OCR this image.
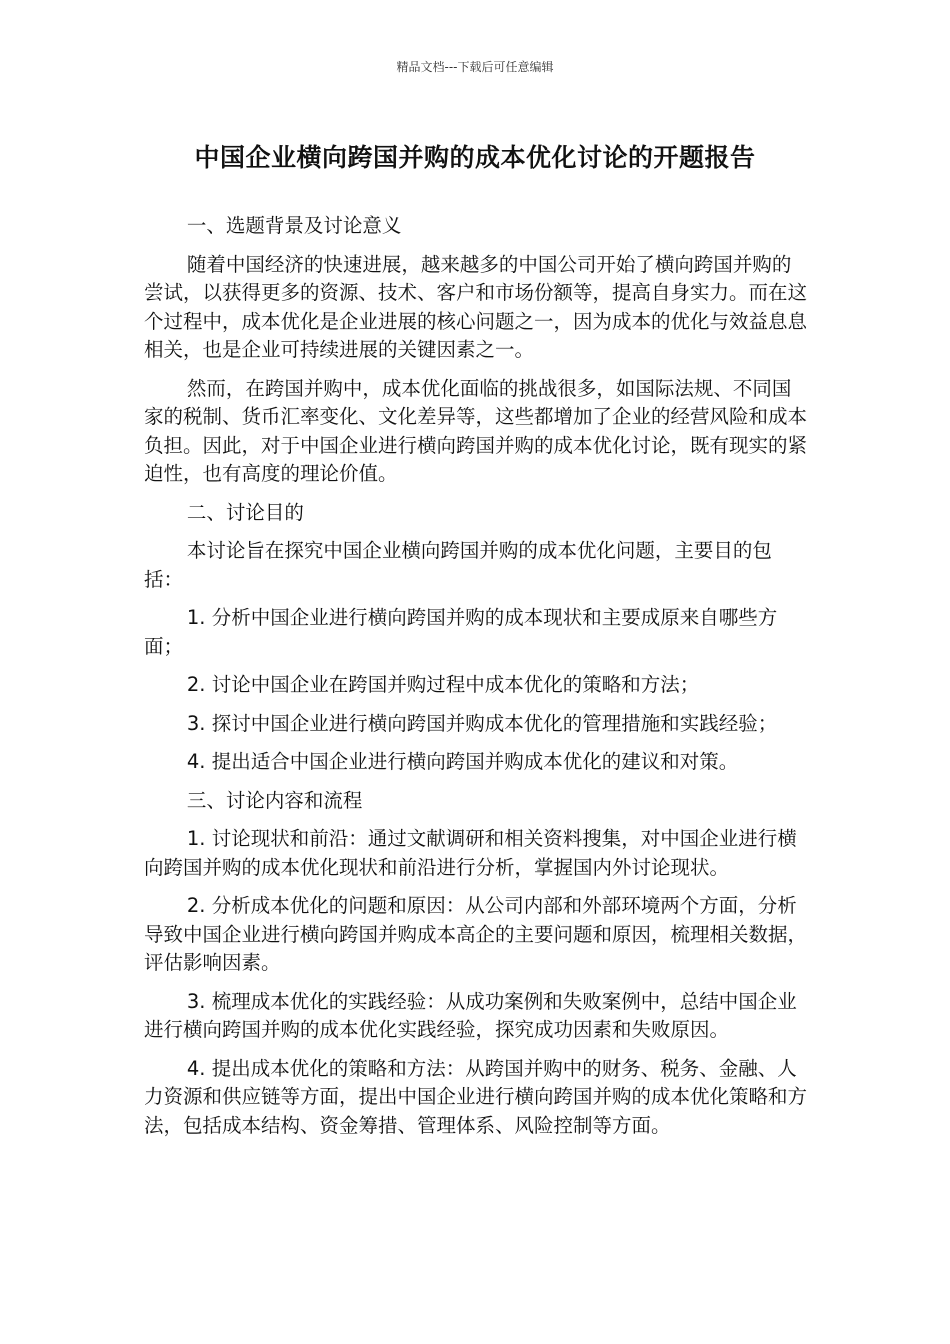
精品文档---下载后可任意编辑
中国企业横向跨国并购的成本优化讨论的开题报告

一、选题背景及讨论意义

随着中国经济的快速进展，越来越多的中国公司开始了横向跨国并购的尝试，以获得更多的资源、技术、客户和市场份额等，提高自身实力。而在这个过程中，成本优化是企业进展的核心问题之一，因为成本的优化与效益息息相关，也是企业可持续进展的关键因素之一。

然而，在跨国并购中，成本优化面临的挑战很多，如国际法规、不同国家的税制、货币汇率变化、文化差异等，这些都增加了企业的经营风险和成本负担。因此，对于中国企业进行横向跨国并购的成本优化讨论，既有现实的紧迫性，也有高度的理论价值。

二、讨论目的

本讨论旨在探究中国企业横向跨国并购的成本优化问题，主要目的包括：

1. 分析中国企业进行横向跨国并购的成本现状和主要成原来自哪些方面；

2. 讨论中国企业在跨国并购过程中成本优化的策略和方法；

3. 探讨中国企业进行横向跨国并购成本优化的管理措施和实践经验；

4. 提出适合中国企业进行横向跨国并购成本优化的建议和对策。

三、讨论内容和流程

1. 讨论现状和前沿：通过文献调研和相关资料搜集，对中国企业进行横向跨国并购的成本优化现状和前沿进行分析，掌握国内外讨论现状。

2. 分析成本优化的问题和原因：从公司内部和外部环境两个方面，分析导致中国企业进行横向跨国并购成本高企的主要问题和原因，梳理相关数据，评估影响因素。

3. 梳理成本优化的实践经验：从成功案例和失败案例中，总结中国企业进行横向跨国并购的成本优化实践经验，探究成功因素和失败原因。

4. 提出成本优化的策略和方法：从跨国并购中的财务、税务、金融、人力资源和供应链等方面，提出中国企业进行横向跨国并购的成本优化策略和方法，包括成本结构、资金筹措、管理体系、风险控制等方面。
